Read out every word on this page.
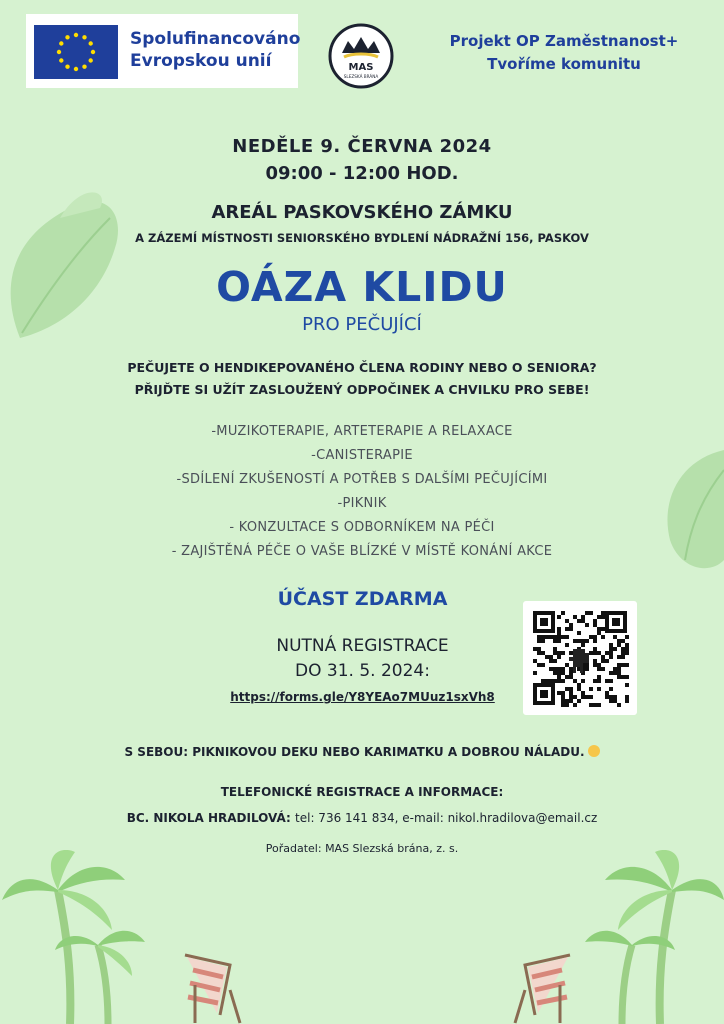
Spolufinancováno
Evropskou unií	MAS
SLEZSKÁ BRÁNA
Projekt OP Zaměstnanost+
Tvoříme komunitu
NEDĚLE 9. ČERVNA 2024
09:00 - 12:00 HOD.
AREÁL PASKOVSKÉHO ZÁMKU
A ZÁZEMÍ MÍSTNOSTI SENIORSKÉHO BYDLENÍ NÁDRAŽNÍ 156, PASKOV
OÁZA KLIDU
PRO PEČUJÍCÍ
PEČUJETE O HENDIKEPOVANÉHO ČLENA RODINY NEBO O SENIORA?
PŘIJĎTE SI UŽÍT ZASLOUŽENÝ ODPOČINEK A CHVILKU PRO SEBE!
-MUZIKOTERAPIE, ARTETERAPIE A RELAXACE
-CANISTERAPIE
-SDÍLENÍ ZKUŠENOSTÍ A POTŘEB S DALŠÍMI PEČUJÍCÍMI
-PIKNIK
- KONZULTACE S ODBORNÍKEM NA PÉČI
- ZAJIŠTĚNÁ PÉČE O VAŠE BLÍZKÉ V MÍSTĚ KONÁNÍ AKCE
ÚČAST ZDARMA
NUTNÁ REGISTRACE
DO 31. 5. 2024:
https://forms.gle/Y8YEAo7MUuz1sxVh8
S SEBOU: PIKNIKOVOU DEKU NEBO KARIMATKU A DOBROU NÁLADU.
TELEFONICKÉ REGISTRACE A INFORMACE:
BC. NIKOLA HRADILOVÁ: tel: 736 141 834, e-mail: nikol.hradilova@email.cz
Pořadatel: MAS Slezská brána, z. s.
